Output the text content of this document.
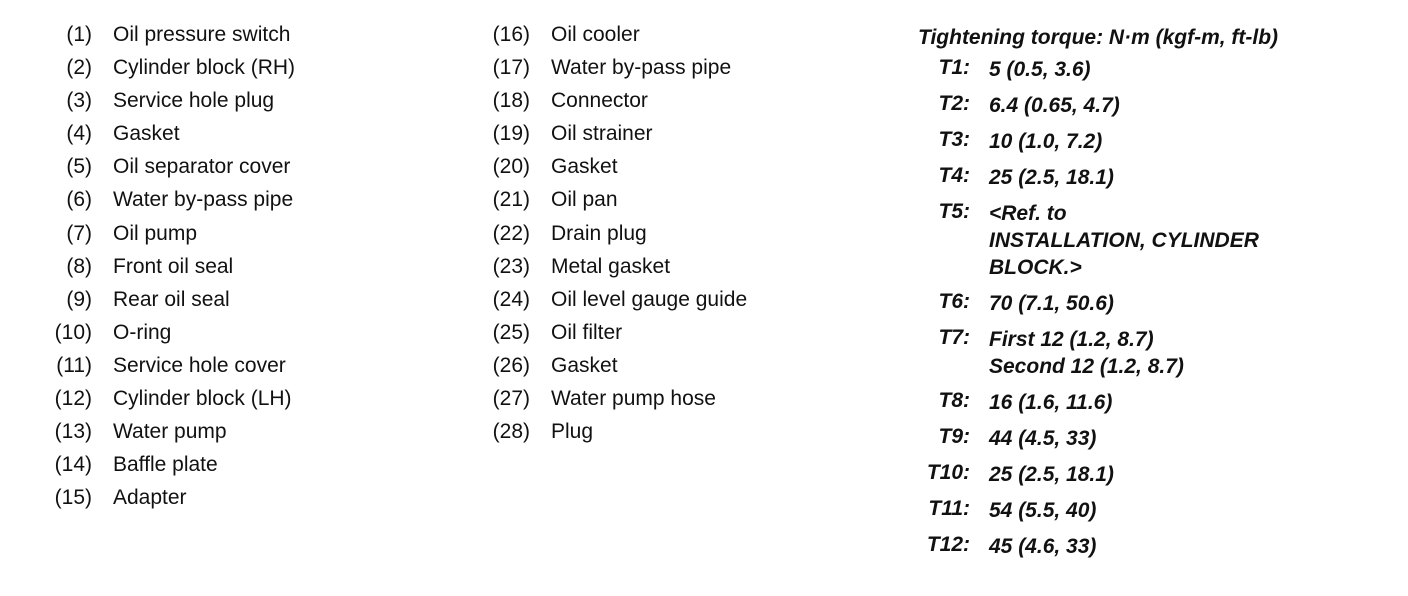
(1) Oil pressure switch
(2) Cylinder block (RH)
(3) Service hole plug
(4) Gasket
(5) Oil separator cover
(6) Water by-pass pipe
(7) Oil pump
(8) Front oil seal
(9) Rear oil seal
(10) O-ring
(11) Service hole cover
(12) Cylinder block (LH)
(13) Water pump
(14) Baffle plate
(15) Adapter
(16) Oil cooler
(17) Water by-pass pipe
(18) Connector
(19) Oil strainer
(20) Gasket
(21) Oil pan
(22) Drain plug
(23) Metal gasket
(24) Oil level gauge guide
(25) Oil filter
(26) Gasket
(27) Water pump hose
(28) Plug
Tightening torque: N·m (kgf-m, ft-lb)
T1: 5 (0.5, 3.6)
T2: 6.4 (0.65, 4.7)
T3: 10 (1.0, 7.2)
T4: 25 (2.5, 18.1)
T5: <Ref. to
INSTALLATION, CYLINDER
BLOCK.>
T6: 70 (7.1, 50.6)
T7: First 12 (1.2, 8.7)
Second 12 (1.2, 8.7)
T8: 16 (1.6, 11.6)
T9: 44 (4.5, 33)
T10: 25 (2.5, 18.1)
T11: 54 (5.5, 40)
T12: 45 (4.6, 33)
